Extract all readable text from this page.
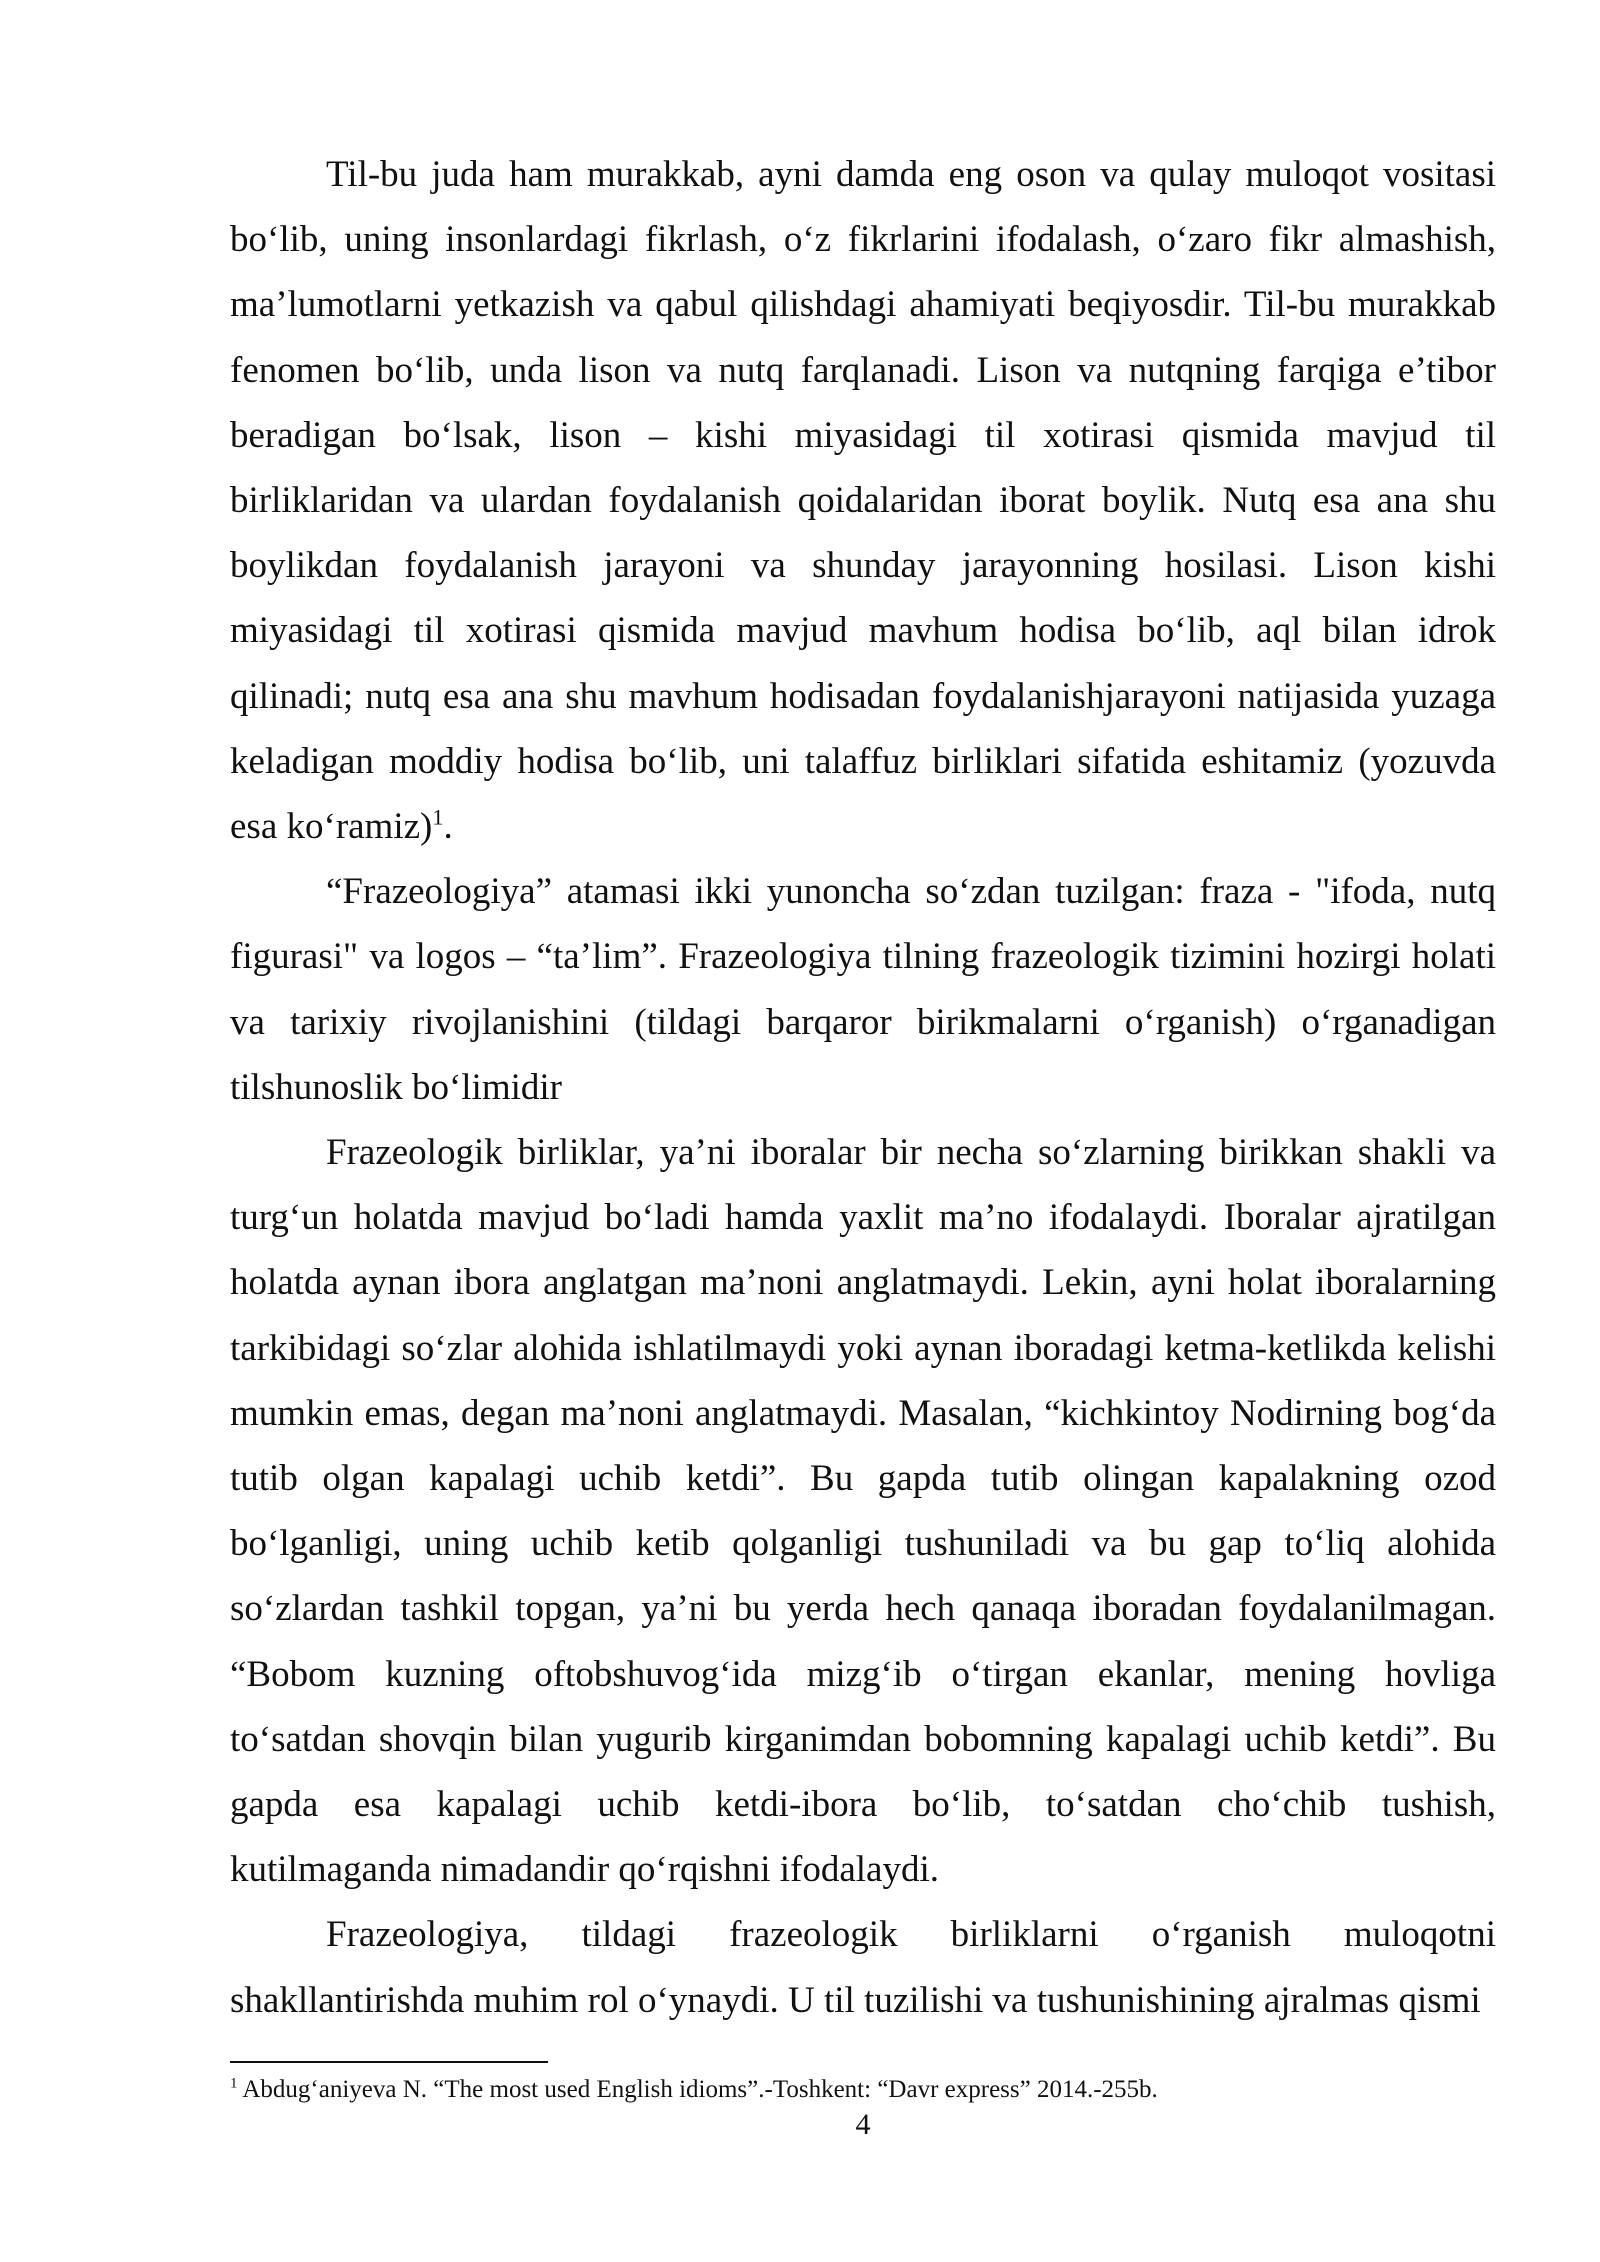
Til-bu juda ham murakkab, ayni damda eng oson va qulay muloqot vositasi bo‘lib, uning insonlardagi fikrlash, o‘z fikrlarini ifodalash, o‘zaro fikr almashish, ma’lumotlarni yetkazish va qabul qilishdagi ahamiyati beqiyosdir. Til-bu murakkab fenomen bo‘lib, unda lison va nutq farqlanadi. Lison va nutqning farqiga e’tibor beradigan bo‘lsak, lison – kishi miyasidagi til xotirasi qismida mavjud til birliklaridan va ulardan foydalanish qoidalaridan iborat boylik. Nutq esa ana shu boylikdan foydalanish jarayoni va shunday jarayonning hosilasi. Lison kishi miyasidagi til xotirasi qismida mavjud mavhum hodisa bo‘lib, aql bilan idrok qilinadi; nutq esa ana shu mavhum hodisadan foydalanishjarayoni natijasida yuzaga keladigan moddiy hodisa bo‘lib, uni talaffuz birliklari sifatida eshitamiz (yozuvda esa ko‘ramiz)$^1$.

“Frazeologiya” atamasi ikki yunoncha so‘zdan tuzilgan: fraza - "ifoda, nutq figurasi" va logos – “ta’lim”. Frazeologiya tilning frazeologik tizimini hozirgi holati va tarixiy rivojlanishini (tildagi barqaror birikmalarni o‘rganish) o‘rganadigan tilshunoslik bo‘limidir

Frazeologik birliklar, ya’ni iboralar bir necha so‘zlarning birikkan shakli va turg‘un holatda mavjud bo‘ladi hamda yaxlit ma’no ifodalaydi. Iboralar ajratilgan holatda aynan ibora anglatgan ma’noni anglatmaydi. Lekin, ayni holat iboralarning tarkibidagi so‘zlar alohida ishlatilmaydi yoki aynan iboradagi ketma-ketlikda kelishi mumkin emas, degan ma’noni anglatmaydi. Masalan, “kichkintoy Nodirning bog‘da tutib olgan kapalagi uchib ketdi”. Bu gapda tutib olingan kapalakning ozod bo‘lganligi, uning uchib ketib qolganligi tushuniladi va bu gap to‘liq alohida so‘zlardan tashkil topgan, ya’ni bu yerda hech qanaqa iboradan foydalanilmagan. “Bobom kuzning oftobshuvog‘ida mizg‘ib o‘tirgan ekanlar, mening hovliga to‘satdan shovqin bilan yugurib kirganimdan bobomning kapalagi uchib ketdi”. Bu gapda esa kapalagi uchib ketdi-ibora bo‘lib, to‘satdan cho‘chib tushish, kutilmaganda nimadandir qo‘rqishni ifodalaydi.

Frazeologiya, tildagi frazeologik birliklarni o‘rganish muloqotni shakllantirishda muhim rol o‘ynaydi. U til tuzilishi va tushunishining ajralmas qismi

$^1$ Abdug‘aniyeva N. “The most used English idioms”.-Toshkent: “Davr express” 2014.-255b.
4
